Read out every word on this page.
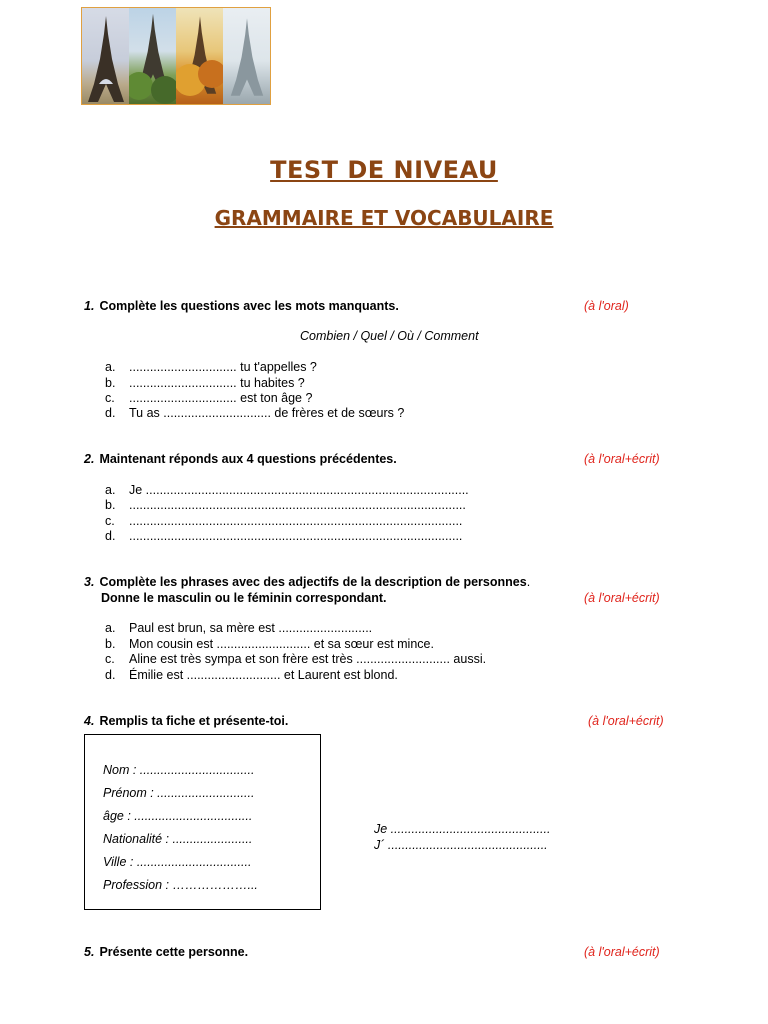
TEST DE NIVEAU
GRAMMAIRE ET VOCABULAIRE
1. Complète les questions avec les mots manquants.	(à l'oral)
Combien / Quel / Où / Comment
a. ............................... tu t'appelles ?
b. ............................... tu habites ?
c. ............................... est ton âge ?
d. Tu as ............................... de frères et de sœurs ?
2. Maintenant réponds aux 4 questions précédentes.	(à l'oral+écrit)
a. Je .............................................................................................
b. .................................................................................................
c. ................................................................................................
d. ................................................................................................
3. Complète les phrases avec des adjectifs de la description de personnes.
Donne le masculin ou le féminin correspondant.	(à l'oral+écrit)
a. Paul est brun, sa mère est ...........................
b. Mon cousin est ........................... et sa sœur est mince.
c. Aline est très sympa et son frère est très ........................... aussi.
d. Émilie est ........................... et Laurent est blond.
4. Remplis ta fiche et présente-toi.	(à l'oral+écrit)
Nom : .................................
Prénom : ............................
âge : ..................................
Nationalité : .......................
Ville : .................................
Profession : ………………...
Je ..............................................
J´ ..............................................
5. Présente cette personne.	(à l'oral+écrit)
